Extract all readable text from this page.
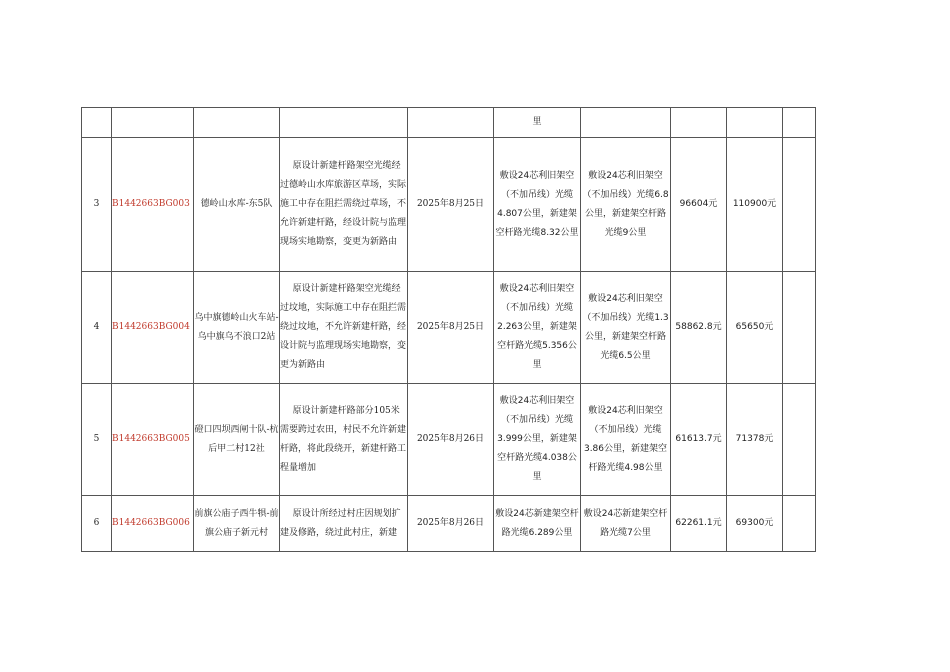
					里				
3	B1442663BG003	德岭山水库-东5队	原设计新建杆路架空光缆经过德岭山水库旅游区草场，实际施工中存在阻拦需绕过草场，不允许新建杆路，经设计院与监理现场实地勘察，变更为新路由	2025年8月25日	敷设24芯利旧架空（不加吊线）光缆4.807公里，新建架空杆路光缆8.32公里	敷设24芯利旧架空（不加吊线）光缆6.8公里，新建架空杆路光缆9公里	96604元	110900元	
4	B1442663BG004	乌中旗德岭山火车站-乌中旗乌不浪口2站	原设计新建杆路架空光缆经过坟地，实际施工中存在阻拦需绕过坟地，不允许新建杆路，经设计院与监理现场实地勘察，变更为新路由	2025年8月25日	敷设24芯利旧架空（不加吊线）光缆2.263公里，新建架空杆路光缆5.356公里	敷设24芯利旧架空（不加吊线）光缆1.3公里，新建架空杆路光缆6.5公里	58862.8元	65650元	
5	B1442663BG005	磴口四坝西闸十队-杭后甲二村12社	原设计新建杆路部分105米需要跨过农田，村民不允许新建杆路，将此段绕开，新建杆路工程量增加	2025年8月26日	敷设24芯利旧架空（不加吊线）光缆3.999公里，新建架空杆路光缆4.038公里	敷设24芯利旧架空（不加吊线）光缆3.86公里，新建架空杆路光缆4.98公里	61613.7元	71378元	
6	B1442663BG006	前旗公庙子西牛犋-前旗公庙子新元村	原设计所经过村庄因规划扩建及修路，绕过此村庄，新建	2025年8月26日	敷设24芯新建架空杆路光缆6.289公里	敷设24芯新建架空杆路光缆7公里	62261.1元	69300元	
